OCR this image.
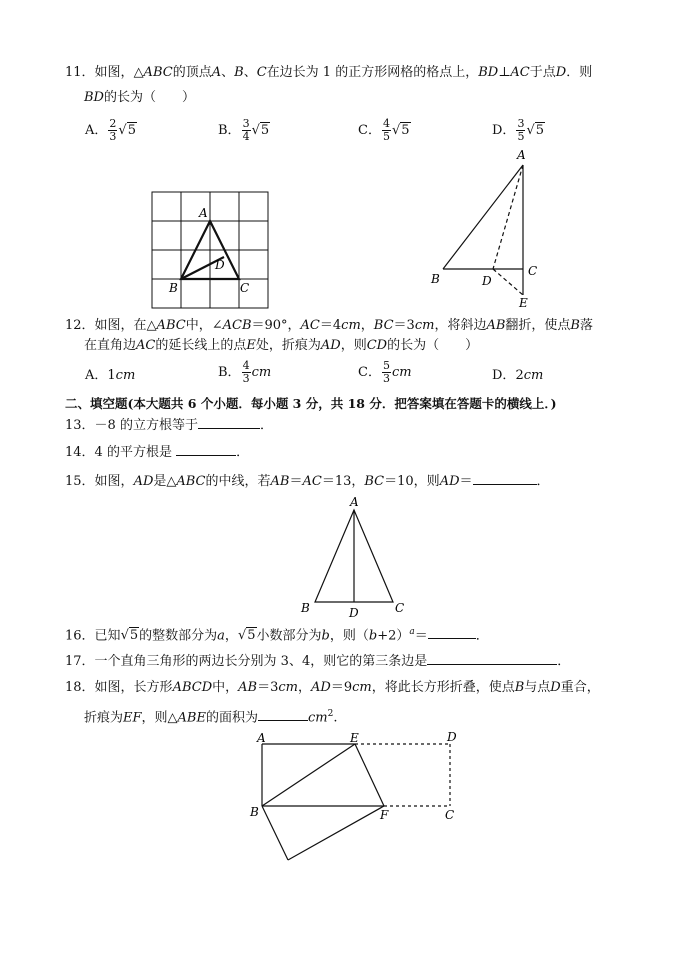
11．如图，△ABC的顶点A、B、C在边长为 1 的正方形网格的格点上，BD⊥AC于点D．则
BD的长为（　　）
A． $\frac{2}{3} √5$	B． $\frac{3}{4} √5$	C． $\frac{4}{5} √5$	D． $\frac{3}{5} √5$
A
D
B	C
A
B	D
C
E
12．如图，在△ABC中，∠ACB＝90°，AC＝4cm，BC＝3cm，将斜边AB翻折，使点B落
在直角边AC的延长线上的点E处，折痕为AD，则CD的长为（　　）
A．1cm	B． $\frac{4}{3}$ cm	C． $\frac{5}{3}$ cm	D．2cm
二、填空题(本大题共 6 个小题．每小题 3 分，共 18 分．把答案填在答题卡的横线上．)
13．－8 的立方根等于	．
14．4 的平方根是	．
15．如图，AD是△ABC的中线，若AB＝AC＝13，BC＝10，则AD＝	．
A
B	D	C
16．已知√5的整数部分为a，√5小数部分为b，则$(b+2)^a=$	．
17．一个直角三角形的两边长分别为 3、4，则它的第三条边是	．
18．如图，长方形ABCD中，AB＝3cm，AD＝9cm，将此长方形折叠，使点B与点D重合，
折痕为EF，则△ABE的面积为	$cm^2$.
A	E	D
B	F	C
